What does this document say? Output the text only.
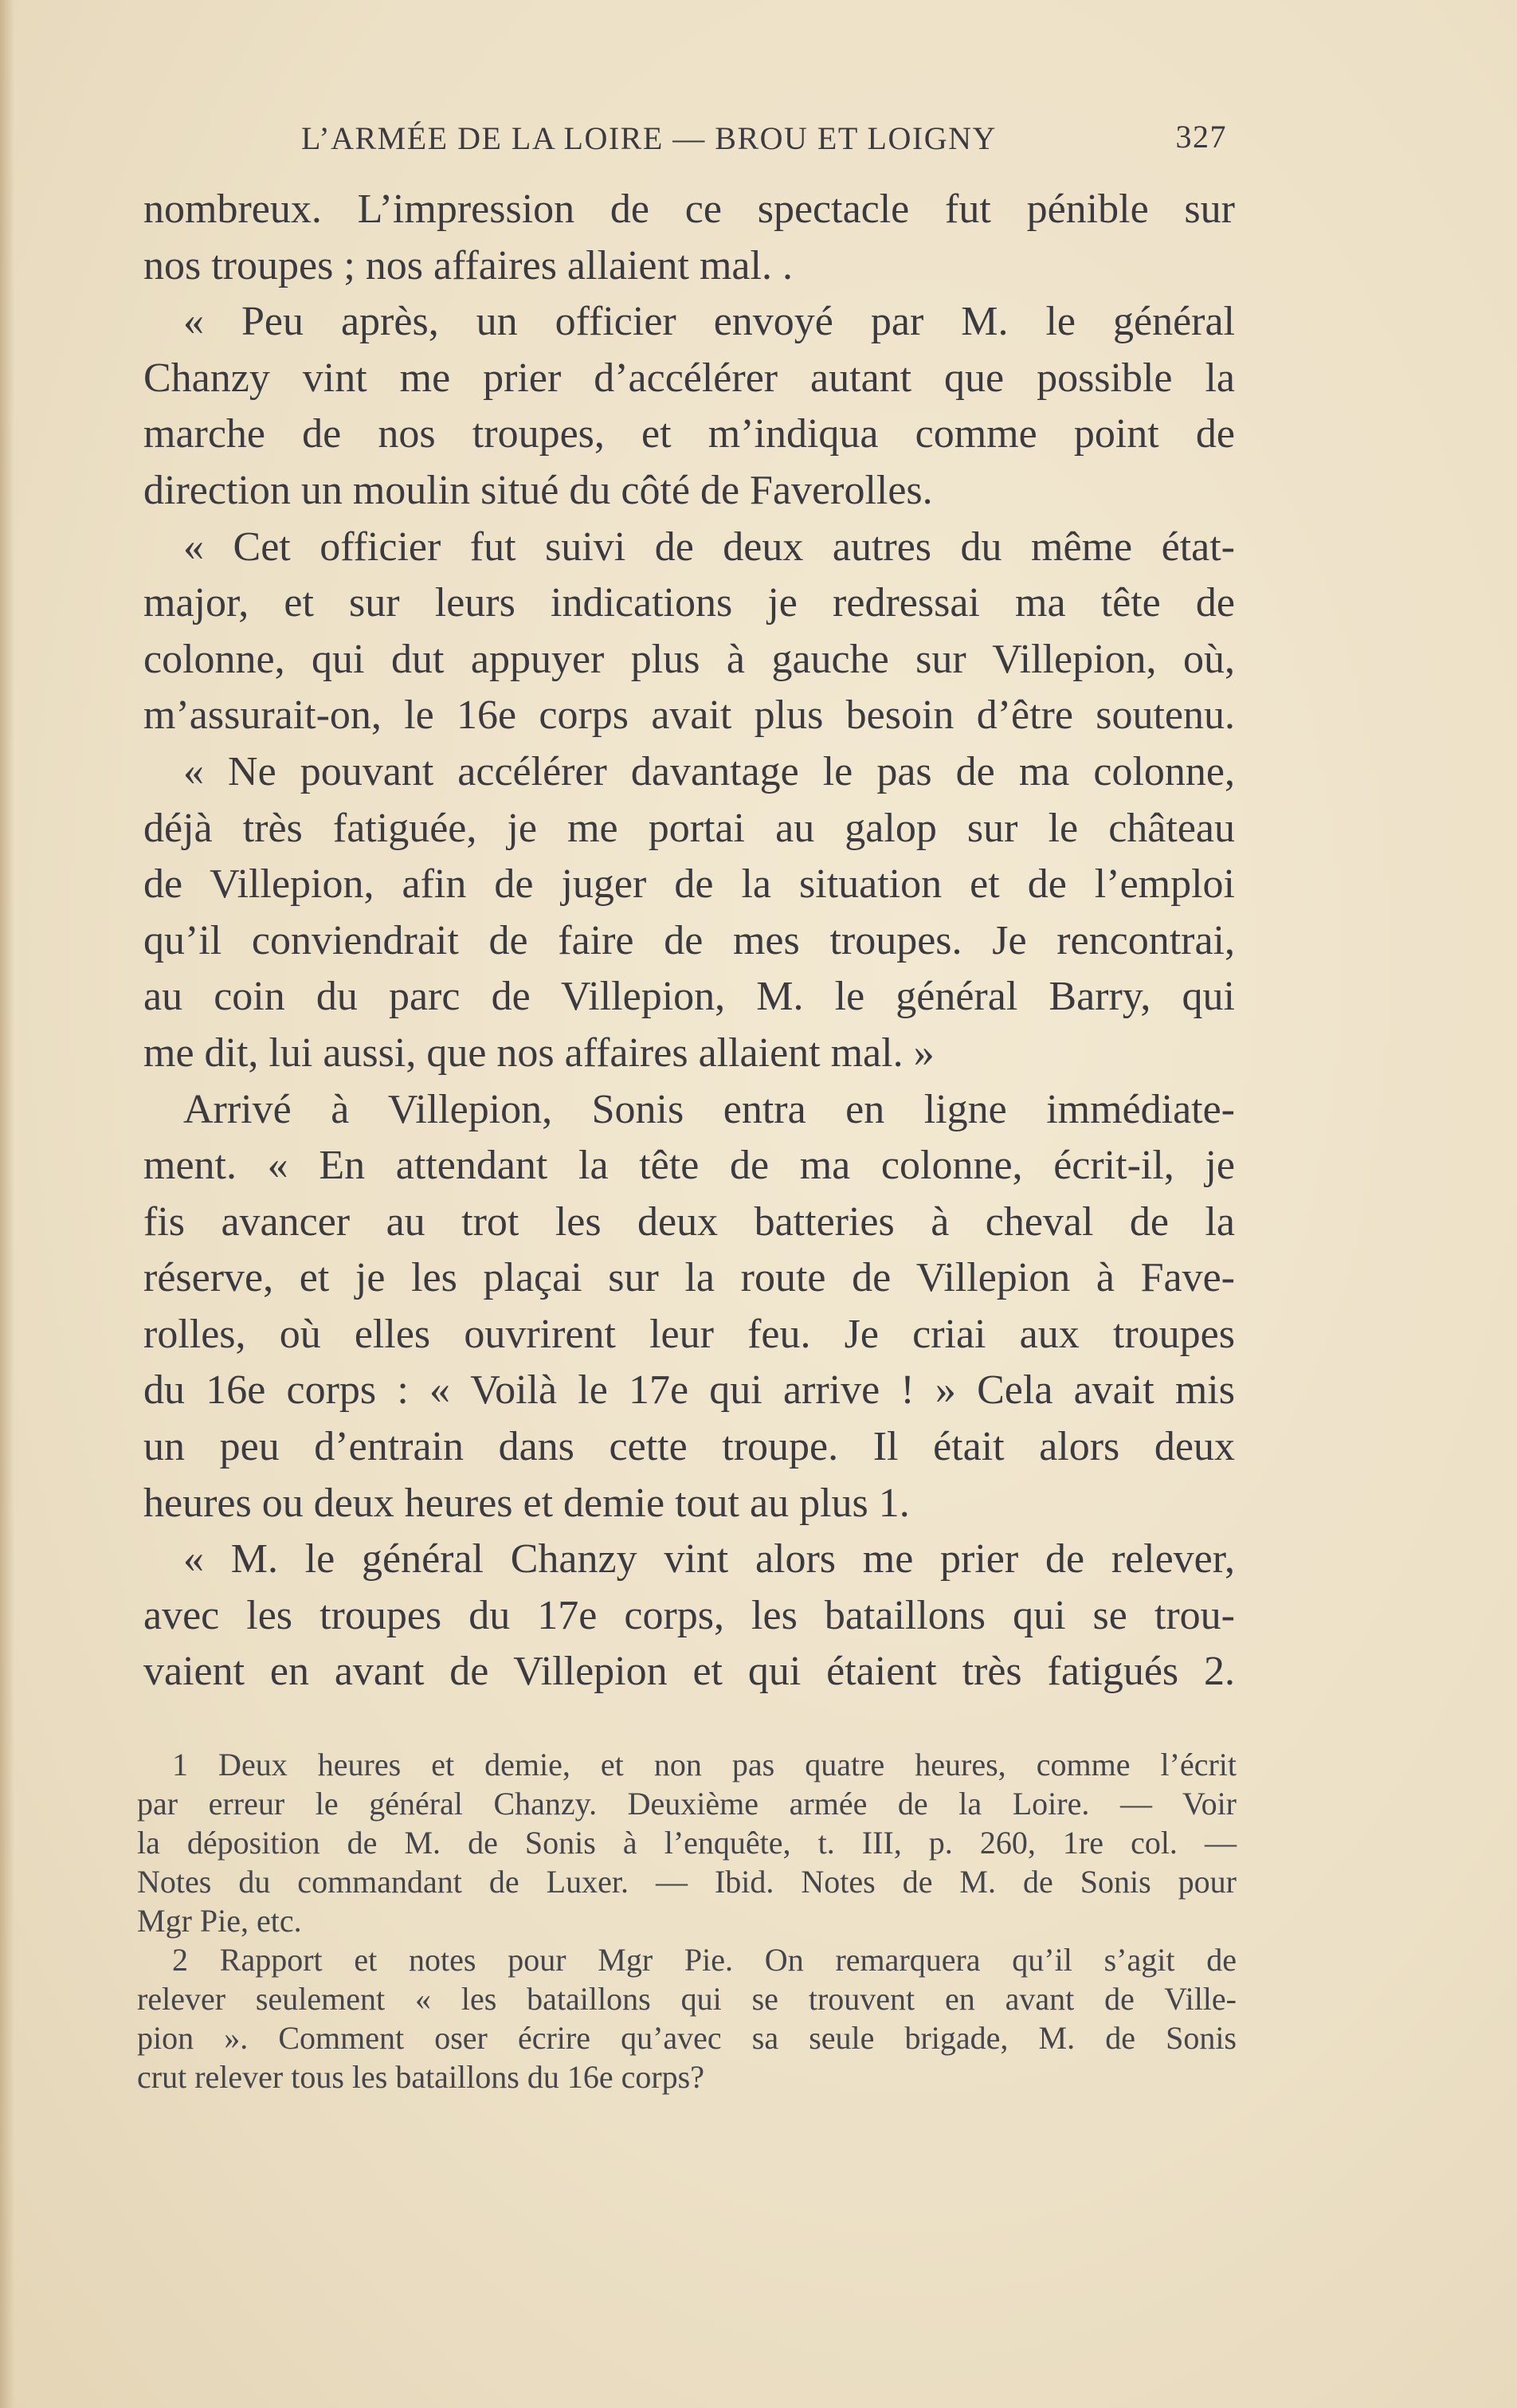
L’ARMÉE DE LA LOIRE — BROU ET LOIGNY	327
nombreux. L’impression de ce spectacle fut pénible sur
nos troupes ; nos affaires allaient mal. .
« Peu après, un officier envoyé par M. le général
Chanzy vint me prier d’accélérer autant que possible la
marche de nos troupes, et m’indiqua comme point de
direction un moulin situé du côté de Faverolles.
« Cet officier fut suivi de deux autres du même état-
major, et sur leurs indications je redressai ma tête de
colonne, qui dut appuyer plus à gauche sur Villepion, où,
m’assurait-on, le 16e corps avait plus besoin d’être soutenu.
« Ne pouvant accélérer davantage le pas de ma colonne,
déjà très fatiguée, je me portai au galop sur le château
de Villepion, afin de juger de la situation et de l’emploi
qu’il conviendrait de faire de mes troupes. Je rencontrai,
au coin du parc de Villepion, M. le général Barry, qui
me dit, lui aussi, que nos affaires allaient mal. »
Arrivé à Villepion, Sonis entra en ligne immédiate-
ment. « En attendant la tête de ma colonne, écrit-il, je
fis avancer au trot les deux batteries à cheval de la
réserve, et je les plaçai sur la route de Villepion à Fave-
rolles, où elles ouvrirent leur feu. Je criai aux troupes
du 16e corps : « Voilà le 17e qui arrive ! » Cela avait mis
un peu d’entrain dans cette troupe. Il était alors deux
heures ou deux heures et demie tout au plus 1.
« M. le général Chanzy vint alors me prier de relever,
avec les troupes du 17e corps, les bataillons qui se trou-
vaient en avant de Villepion et qui étaient très fatigués 2.
1 Deux heures et demie, et non pas quatre heures, comme l’écrit
par erreur le général Chanzy. Deuxième armée de la Loire. — Voir
la déposition de M. de Sonis à l’enquête, t. III, p. 260, 1re col. —
Notes du commandant de Luxer. — Ibid. Notes de M. de Sonis pour
Mgr Pie, etc.
2 Rapport et notes pour Mgr Pie. On remarquera qu’il s’agit de
relever seulement « les bataillons qui se trouvent en avant de Ville-
pion ». Comment oser écrire qu’avec sa seule brigade, M. de Sonis
crut relever tous les bataillons du 16e corps?
